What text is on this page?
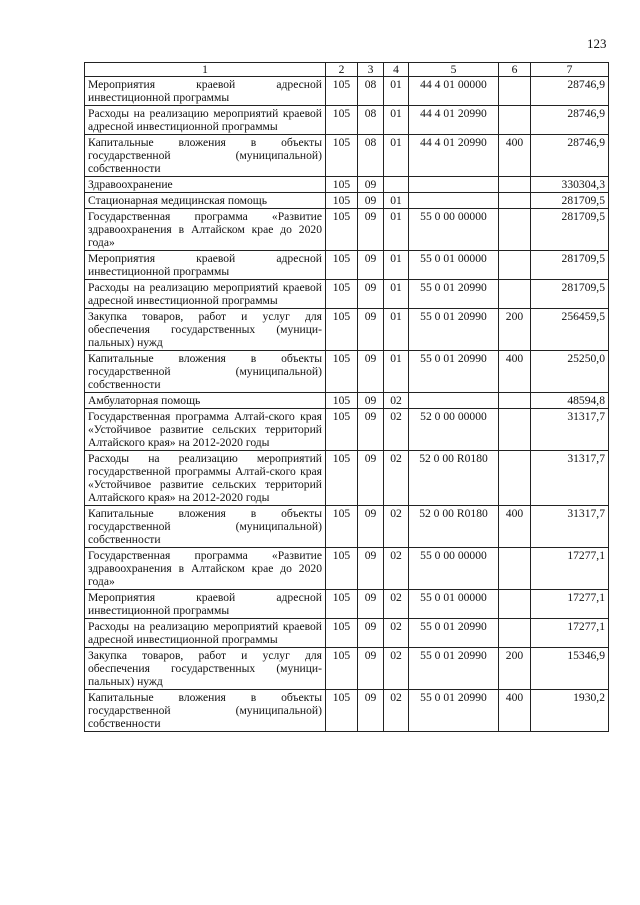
123
1	2	3	4	5	6	7
Мероприятия краевой адресной инвестиционной программы	105	08	01	44 4 01 00000		28746,9
Расходы на реализацию мероприятий краевой адресной инвестиционной программы	105	08	01	44 4 01 20990		28746,9
Капитальные вложения в объекты государственной (муниципальной) собственности	105	08	01	44 4 01 20990	400	28746,9
Здравоохранение	105	09				330304,3
Стационарная медицинская помощь	105	09	01			281709,5
Государственная программа «Развитие здравоохранения в Алтайском крае до 2020 года»	105	09	01	55 0 00 00000		281709,5
Мероприятия краевой адресной инвестиционной программы	105	09	01	55 0 01 00000		281709,5
Расходы на реализацию мероприятий краевой адресной инвестиционной программы	105	09	01	55 0 01 20990		281709,5
Закупка товаров, работ и услуг для обеспечения государственных (муници-пальных) нужд	105	09	01	55 0 01 20990	200	256459,5
Капитальные вложения в объекты государственной (муниципальной) собственности	105	09	01	55 0 01 20990	400	25250,0
Амбулаторная помощь	105	09	02			48594,8
Государственная программа Алтай-ского края «Устойчивое развитие сельских территорий Алтайского края» на 2012-2020 годы	105	09	02	52 0 00 00000		31317,7
Расходы на реализацию мероприятий государственной программы Алтай-ского края «Устойчивое развитие сельских территорий Алтайского края» на 2012-2020 годы	105	09	02	52 0 00 R0180		31317,7
Капитальные вложения в объекты государственной (муниципальной) собственности	105	09	02	52 0 00 R0180	400	31317,7
Государственная программа «Развитие здравоохранения в Алтайском крае до 2020 года»	105	09	02	55 0 00 00000		17277,1
Мероприятия краевой адресной инвестиционной программы	105	09	02	55 0 01 00000		17277,1
Расходы на реализацию мероприятий краевой адресной инвестиционной программы	105	09	02	55 0 01 20990		17277,1
Закупка товаров, работ и услуг для обеспечения государственных (муници-пальных) нужд	105	09	02	55 0 01 20990	200	15346,9
Капитальные вложения в объекты государственной (муниципальной) собственности	105	09	02	55 0 01 20990	400	1930,2
